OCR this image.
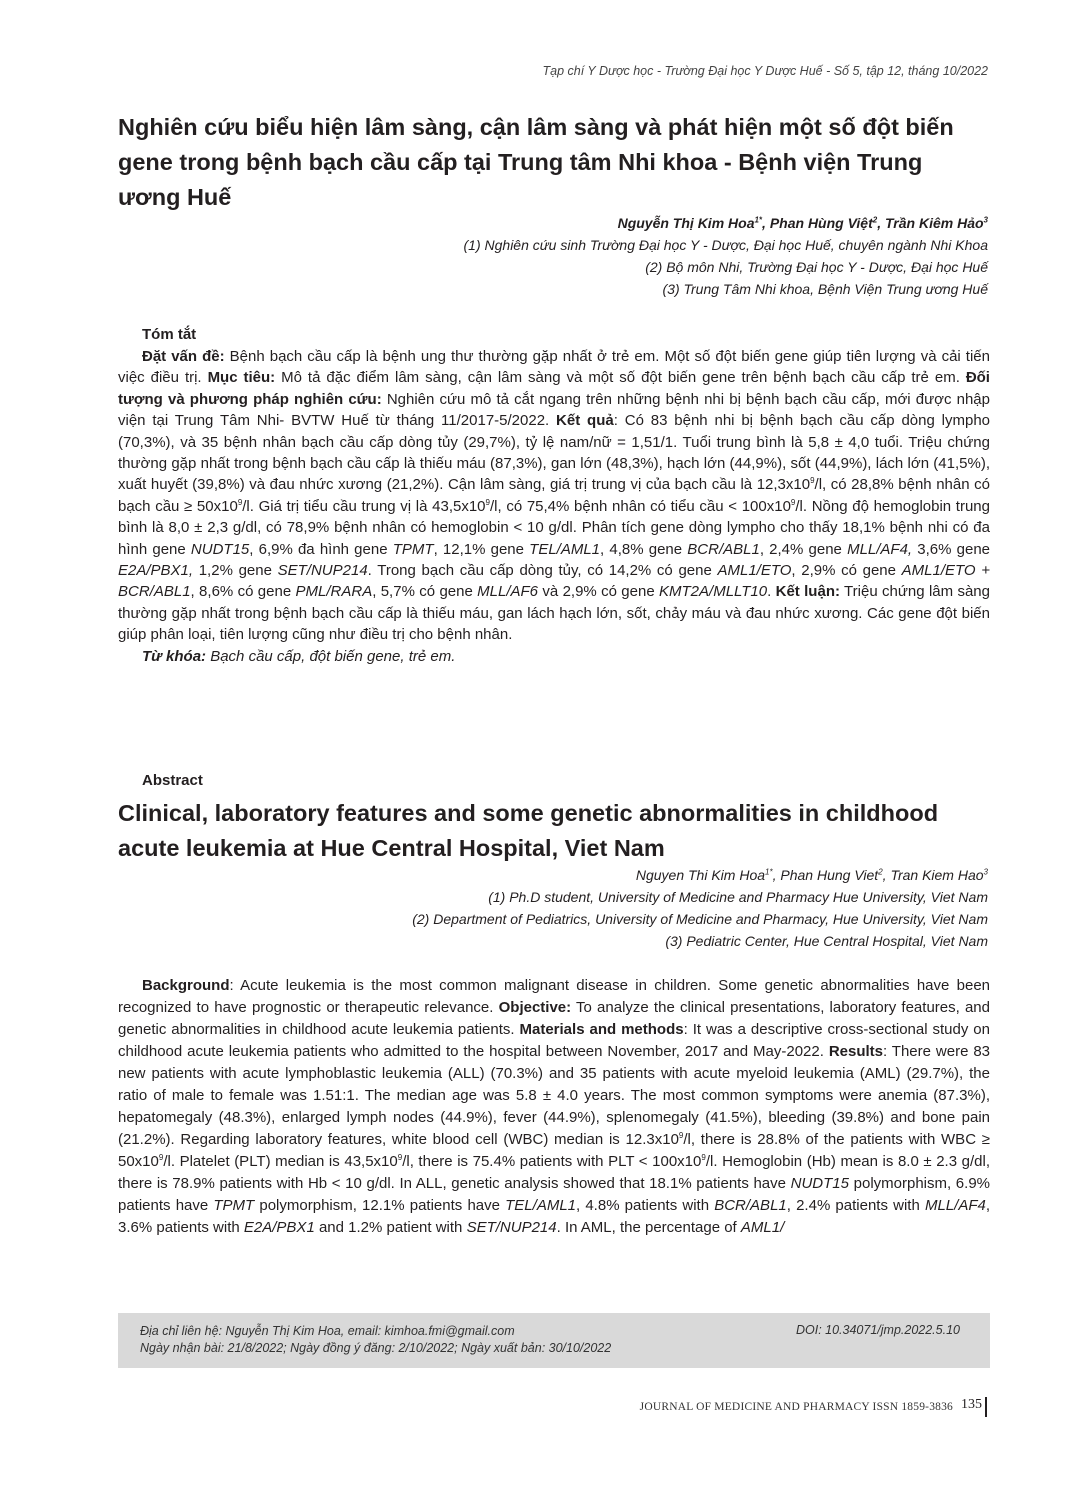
Tạp chí Y Dược học - Trường Đại học Y Dược Huế - Số 5, tập 12, tháng 10/2022
Nghiên cứu biểu hiện lâm sàng, cận lâm sàng và phát hiện một số đột biến gene trong bệnh bạch cầu cấp tại Trung tâm Nhi khoa - Bệnh viện Trung ương Huế
Nguyễn Thị Kim Hoa$^{1*}$, Phan Hùng Việt$^2$, Trần Kiêm Hảo$^3$
(1) Nghiên cứu sinh Trường Đại học Y - Dược, Đại học Huế, chuyên ngành Nhi Khoa
(2) Bộ môn Nhi, Trường Đại học Y - Dược, Đại học Huế
(3) Trung Tâm Nhi khoa, Bệnh Viện Trung ương Huế
Tóm tắt

Đặt vấn đề: Bệnh bạch cầu cấp là bệnh ung thư thường gặp nhất ở trẻ em. Một số đột biến gene giúp tiên lượng và cải tiến việc điều trị. Mục tiêu: Mô tả đặc điểm lâm sàng, cận lâm sàng và một số đột biến gene trên bệnh bạch cầu cấp trẻ em. Đối tượng và phương pháp nghiên cứu: Nghiên cứu mô tả cắt ngang trên những bệnh nhi bị bệnh bạch cầu cấp, mới được nhập viện tại Trung Tâm Nhi- BVTW Huế từ tháng 11/2017-5/2022. Kết quả: Có 83 bệnh nhi bị bệnh bạch cầu cấp dòng lympho (70,3%), và 35 bệnh nhân bạch cầu cấp dòng tủy (29,7%), tỷ lệ nam/nữ = 1,51/1. Tuổi trung bình là 5,8 ± 4,0 tuổi. Triệu chứng thường gặp nhất trong bệnh bạch cầu cấp là thiếu máu (87,3%), gan lớn (48,3%), hạch lớn (44,9%), sốt (44,9%), lách lớn (41,5%), xuất huyết (39,8%) và đau nhức xương (21,2%). Cận lâm sàng, giá trị trung vị của bạch cầu là $12,3x10^9/l$, có 28,8% bệnh nhân có bạch cầu ≥ $50x10^9/l$. Giá trị tiểu cầu trung vị là $43,5x10^9/l$, có 75,4% bệnh nhân có tiểu cầu < $100x10^9/l$. Nồng độ hemoglobin trung bình là 8,0 ± 2,3 g/dl, có 78,9% bệnh nhân có hemoglobin < 10 g/dl. Phân tích gene dòng lympho cho thấy 18,1% bệnh nhi có đa hình gene NUDT15, 6,9% đa hình gene TPMT, 12,1% gene TEL/AML1, 4,8% gene BCR/ABL1, 2,4% gene MLL/AF4, 3,6% gene E2A/PBX1, 1,2% gene SET/NUP214. Trong bạch cầu cấp dòng tủy, có 14,2% có gene AML1/ETO, 2,9% có gene AML1/ETO + BCR/ABL1, 8,6% có gene PML/RARA, 5,7% có gene MLL/AF6 và 2,9% có gene KMT2A/MLLT10. Kết luận: Triệu chứng lâm sàng thường gặp nhất trong bệnh bạch cầu cấp là thiếu máu, gan lách hạch lớn, sốt, chảy máu và đau nhức xương. Các gene đột biến giúp phân loại, tiên lượng cũng như điều trị cho bệnh nhân.

Từ khóa: Bạch cầu cấp, đột biến gene, trẻ em.

Abstract
Clinical, laboratory features and some genetic abnormalities in childhood acute leukemia at Hue Central Hospital, Viet Nam
Nguyen Thi Kim Hoa$^{1*}$, Phan Hung Viet$^2$, Tran Kiem Hao$^3$
(1) Ph.D student, University of Medicine and Pharmacy Hue University, Viet Nam
(2) Department of Pediatrics, University of Medicine and Pharmacy, Hue University, Viet Nam
(3) Pediatric Center, Hue Central Hospital, Viet Nam

Background: Acute leukemia is the most common malignant disease in children. Some genetic abnormalities have been recognized to have prognostic or therapeutic relevance. Objective: To analyze the clinical presentations, laboratory features, and genetic abnormalities in childhood acute leukemia patients. Materials and methods: It was a descriptive cross-sectional study on childhood acute leukemia patients who admitted to the hospital between November, 2017 and May-2022. Results: There were 83 new patients with acute lymphoblastic leukemia (ALL) (70.3%) and 35 patients with acute myeloid leukemia (AML) (29.7%), the ratio of male to female was 1.51:1. The median age was 5.8 ± 4.0 years. The most common symptoms were anemia (87.3%), hepatomegaly (48.3%), enlarged lymph nodes (44.9%), fever (44.9%), splenomegaly (41.5%), bleeding (39.8%) and bone pain (21.2%). Regarding laboratory features, white blood cell (WBC) median is $12.3x10^9/l$, there is 28.8% of the patients with WBC ≥ $50x10^9/l$. Platelet (PLT) median is $43,5x10^9/l$, there is 75.4% patients with PLT < $100x10^9/l$. Hemoglobin (Hb) mean is 8.0 ± 2.3 g/dl, there is 78.9% patients with Hb < 10 g/dl. In ALL, genetic analysis showed that 18.1% patients have NUDT15 polymorphism, 6.9% patients have TPMT polymorphism, 12.1% patients have TEL/AML1, 4.8% patients with BCR/ABL1, 2.4% patients with MLL/AF4, 3.6% patients with E2A/PBX1 and 1.2% patient with SET/NUP214. In AML, the percentage of AML1/

Địa chỉ liên hệ: Nguyễn Thị Kim Hoa, email: kimhoa.fmi@gmail.com
Ngày nhận bài: 21/8/2022; Ngày đồng ý đăng: 2/10/2022; Ngày xuất bản: 30/10/2022
DOI: 10.34071/jmp.2022.5.10
JOURNAL OF MEDICINE AND PHARMACY ISSN 1859-3836 135
